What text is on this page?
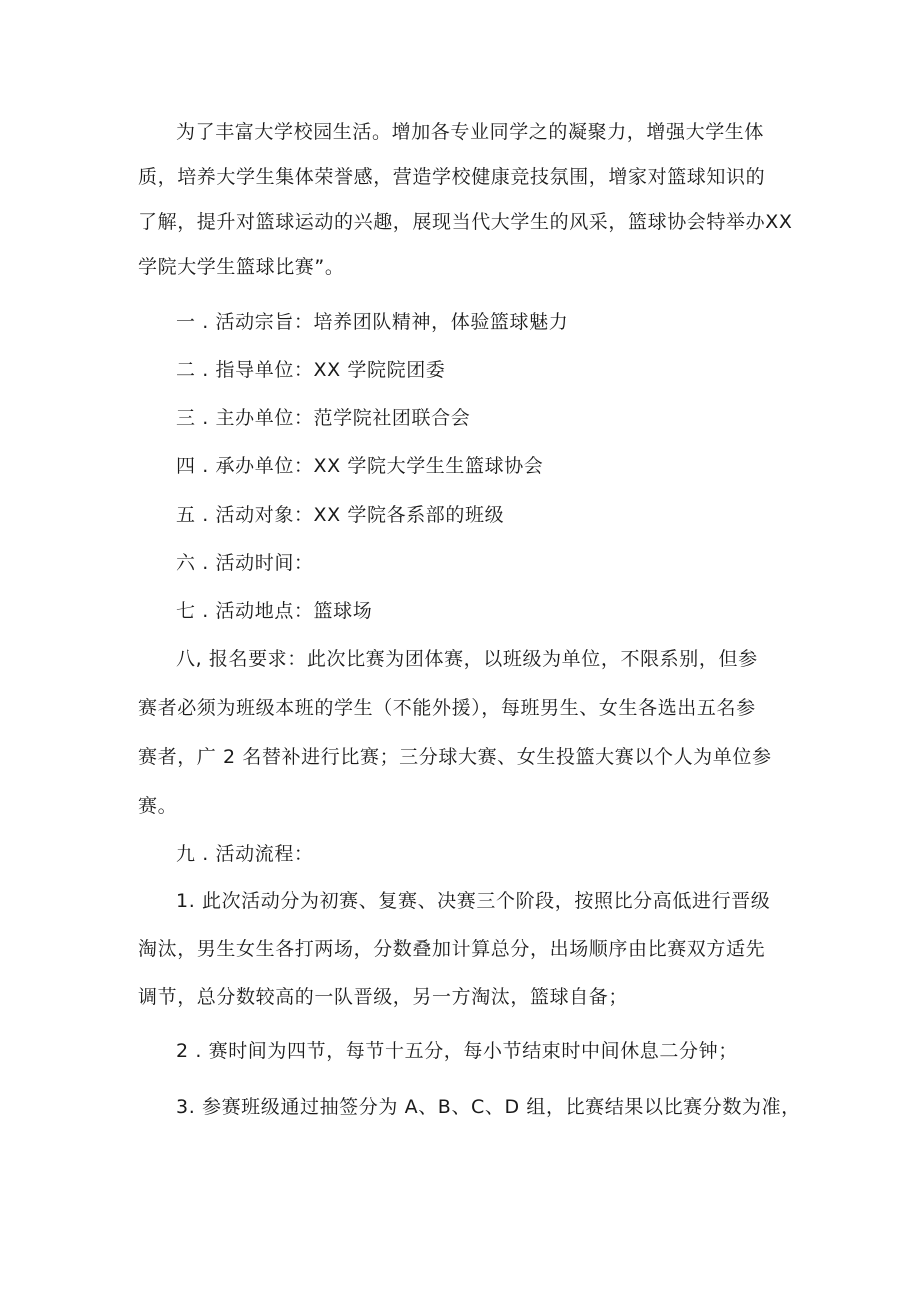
为了丰富大学校园生活。增加各专业同学之的凝聚力，增强大学生体
质，培养大学生集体荣誉感，营造学校健康竞技氛围，增家对篮球知识的
了解，提升对篮球运动的兴趣，展现当代大学生的风采，篮球协会特举办XX
学院大学生篮球比赛”。

一 . 活动宗旨：培养团队精神，体验篮球魅力

二 . 指导单位：XX 学院院团委

三 . 主办单位：范学院社团联合会

四 . 承办单位：XX 学院大学生生篮球协会

五 . 活动对象：XX 学院各系部的班级

六 . 活动时间：

七 . 活动地点：篮球场

八, 报名要求：此次比赛为团体赛，以班级为单位，不限系别，但参
赛者必须为班级本班的学生（不能外援），每班男生、女生各选出五名参
赛者，广 2 名替补进行比赛；三分球大赛、女生投篮大赛以个人为单位参
赛。

九 . 活动流程：

1. 此次活动分为初赛、复赛、决赛三个阶段，按照比分高低进行晋级
淘汰，男生女生各打两场，分数叠加计算总分，出场顺序由比赛双方适先
调节，总分数较高的一队晋级，另一方淘汰，篮球自备；

2 . 赛时间为四节，每节十五分，每小节结束时中间休息二分钟；

3. 参赛班级通过抽签分为 A、B、C、D 组，比赛结果以比赛分数为准，
